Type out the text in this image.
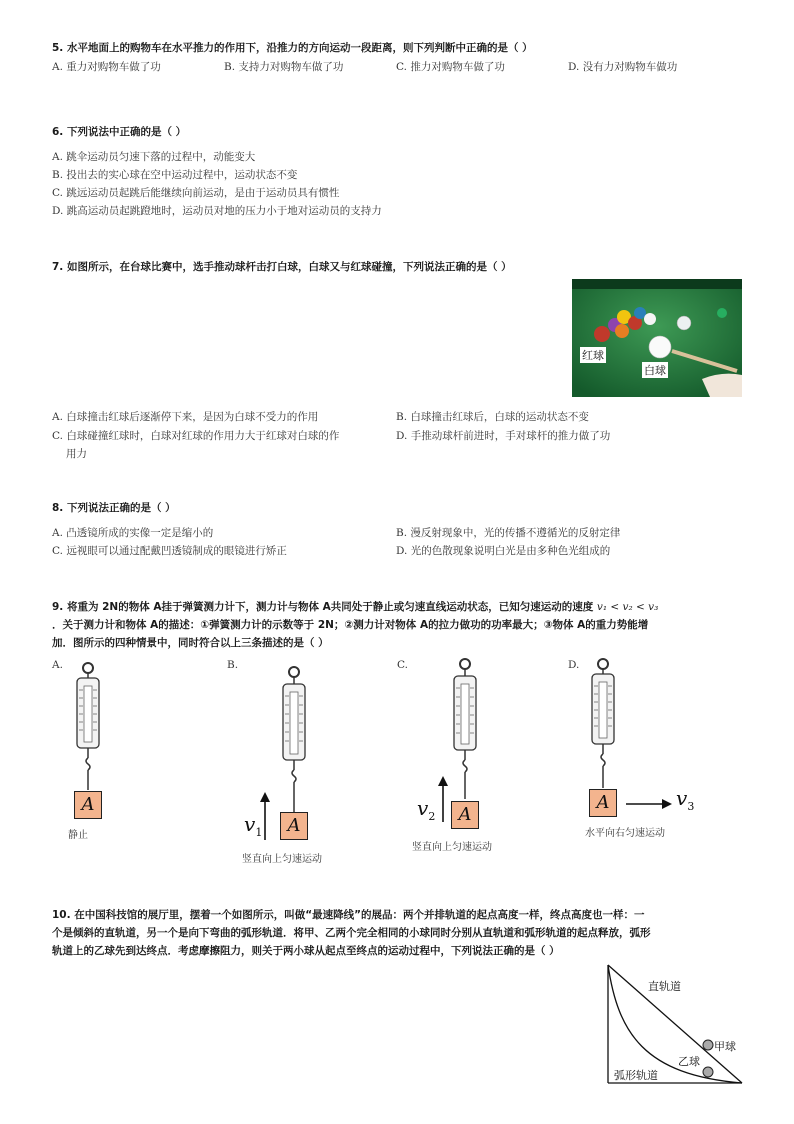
5. 水平地面上的购物车在水平推力的作用下，沿推力的方向运动一段距离，则下列判断中正确的是（ ）
A. 重力对购物车做了功	B. 支持力对购物车做了功	C. 推力对购物车做了功	D. 没有力对购物车做功
6. 下列说法中正确的是（ ）
A. 跳伞运动员匀速下落的过程中，动能变大
B. 投出去的实心球在空中运动过程中，运动状态不变
C. 跳远运动员起跳后能继续向前运动，是由于运动员具有惯性
D. 跳高运动员起跳蹬地时，运动员对地的压力小于地对运动员的支持力
7. 如图所示，在台球比赛中，选手推动球杆击打白球，白球又与红球碰撞，下列说法正确的是（ ）
红球
白球
A. 白球撞击红球后逐渐停下来，是因为白球不受力的作用	B. 白球撞击红球后，白球的运动状态不变
C. 白球碰撞红球时，白球对红球的作用力大于红球对白球的作
用力
D. 手推动球杆前进时，手对球杆的推力做了功
8. 下列说法正确的是（ ）
A. 凸透镜所成的实像一定是缩小的	B. 漫反射现象中，光的传播不遵循光的反射定律
C. 远视眼可以通过配戴凹透镜制成的眼镜进行矫正	D. 光的色散现象说明白光是由多种色光组成的
9. 将重为 2N的物体 A挂于弹簧测力计下，测力计与物体 A共同处于静止或匀速直线运动状态，已知匀速运动的速度 v₁ < v₂ < v₃
．关于测力计和物体 A的描述：①弹簧测力计的示数等于 2N；②测力计对物体 A的拉力做功的功率最大；③物体 A的重力势能增
加．图所示的四种情景中，同时符合以上三条描述的是（ ）
A.
A
静止
B.
$v_1$	A
竖直向上匀速运动
C.
$v_2$	A
竖直向上匀速运动
D.
A	$v_3$
水平向右匀速运动
10. 在中国科技馆的展厅里，摆着一个如图所示，叫做“最速降线”的展品：两个并排轨道的起点高度一样，终点高度也一样：一
个是倾斜的直轨道，另一个是向下弯曲的弧形轨道．将甲、乙两个完全相同的小球同时分别从直轨道和弧形轨道的起点释放，弧形
轨道上的乙球先到达终点．考虑摩擦阻力，则关于两小球从起点至终点的运动过程中，下列说法正确的是（ ）
直轨道
甲球
乙球
弧形轨道
